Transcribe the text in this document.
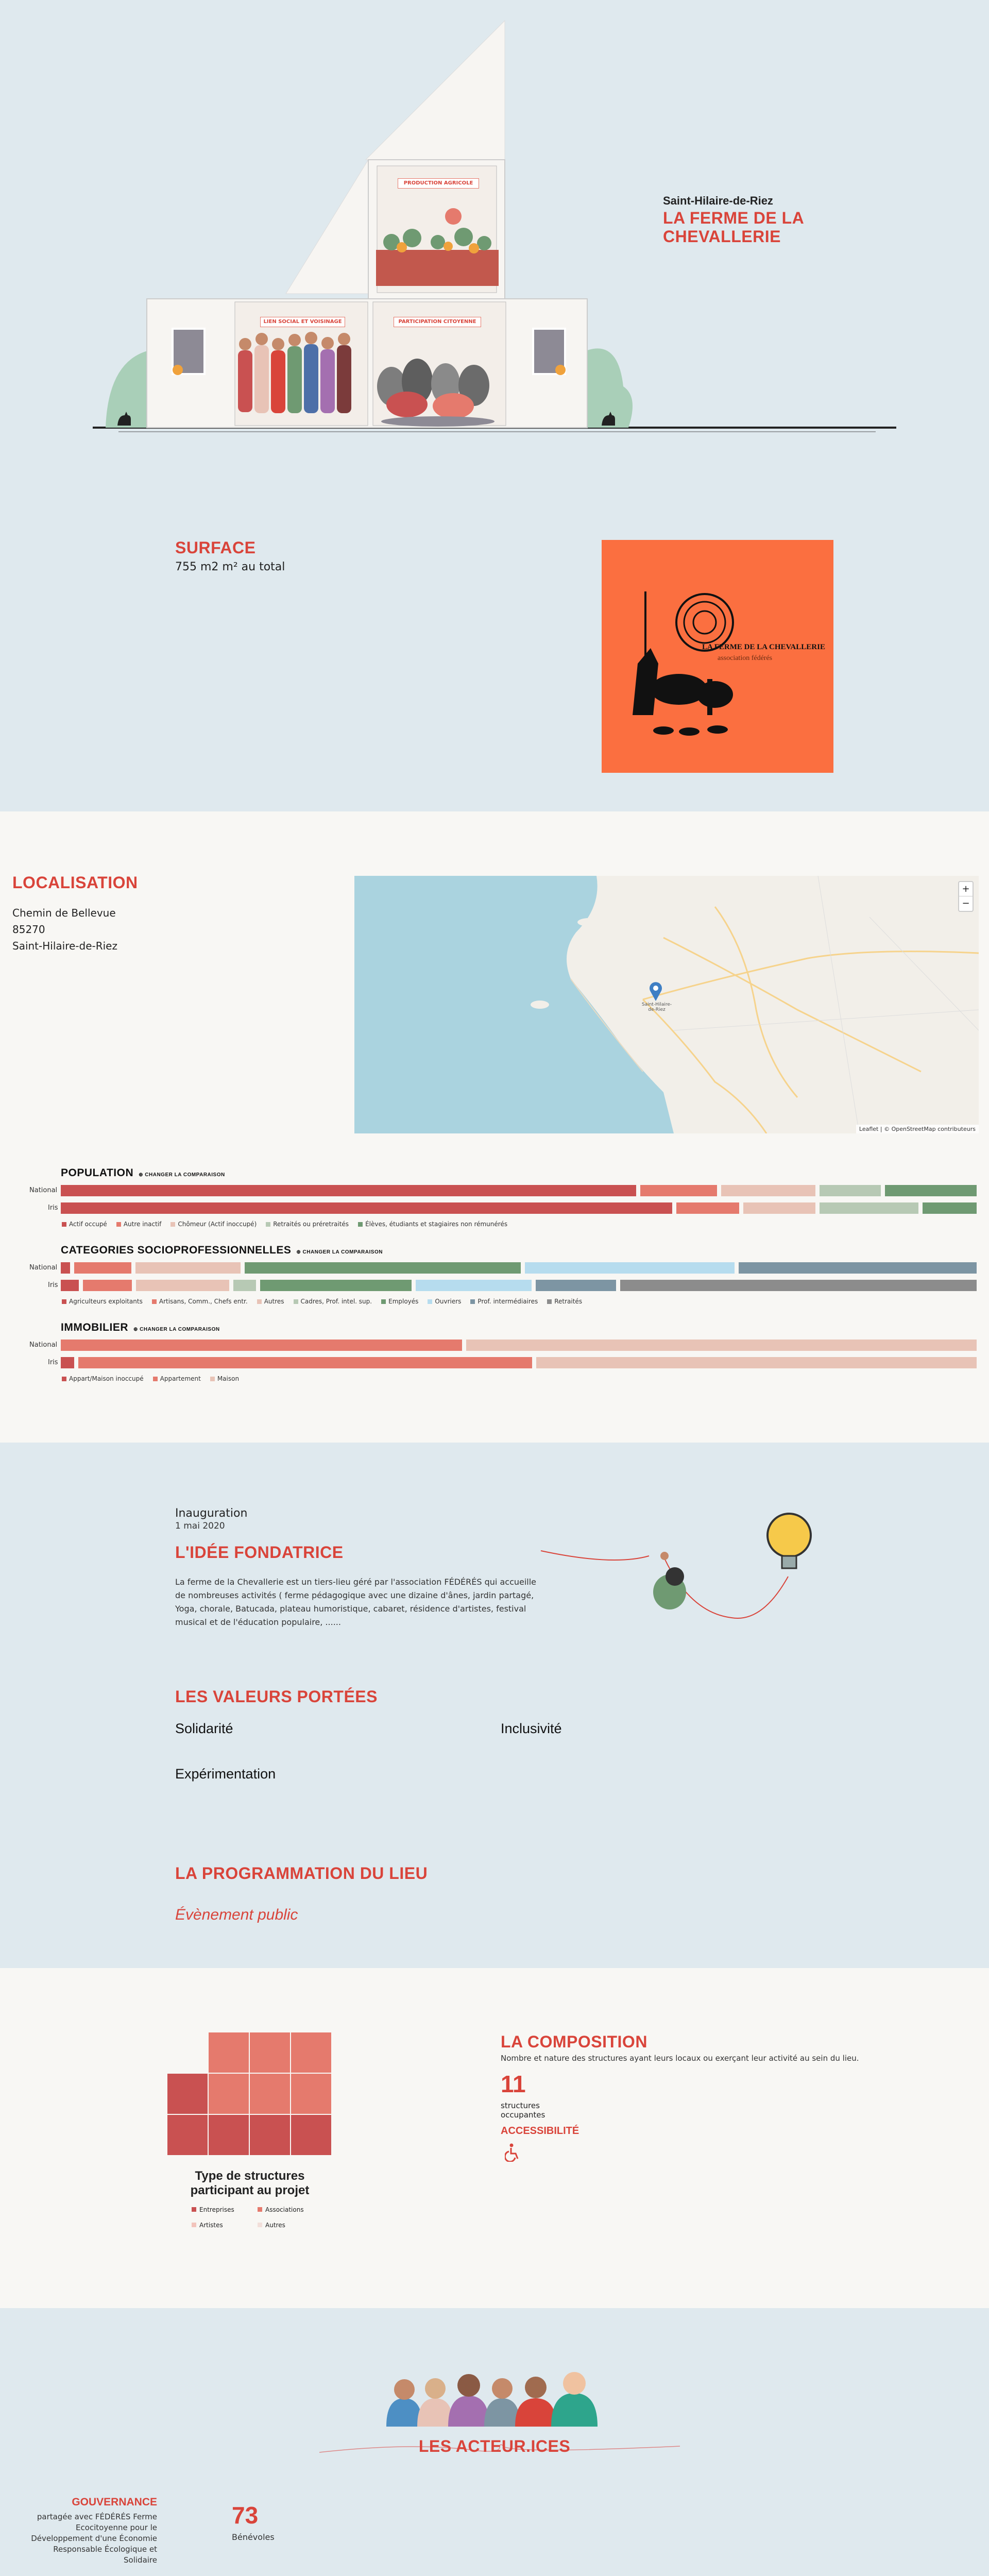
PRODUCTION AGRICOLE
LIEN SOCIAL ET VOISINAGE	PARTICIPATION CITOYENNE
Saint-Hilaire-de-Riez
LA FERME DE LA
CHEVALLERIE
SURFACE
755 m2 m² au total
LA FERME DE LA CHEVALLERIE
association fédérés
LOCALISATION
Chemin de Bellevue
85270
Saint-Hilaire-de-Riez
Saint-Hilaire-de-Riez
+
−
Leaflet | © OpenStreetMap contributeurs
POPULATION ⊕ CHANGER LA COMPARAISON
National
Iris
Actif occupé	Autre inactif	Chômeur (Actif inoccupé)	Retraités ou préretraités	Élèves, étudiants et stagiaires non rémunérés
CATEGORIES SOCIOPROFESSIONNELLES ⊕ CHANGER LA COMPARAISON
National
Iris
Agriculteurs exploitants	Artisans, Comm., Chefs entr.	Autres	Cadres, Prof. intel. sup.	Employés	Ouvriers	Prof. intermédiaires	Retraités
IMMOBILIER ⊕ CHANGER LA COMPARAISON
National
Iris
Appart/Maison inoccupé	Appartement	Maison
Inauguration
1 mai 2020
L'IDÉE FONDATRICE
La ferme de la Chevallerie est un tiers-lieu géré par l'association FÉDÉRÉS qui accueille de nombreuses activités ( ferme pédagogique avec une dizaine d'ânes, jardin partagé, Yoga, chorale, Batucada, plateau humoristique, cabaret, résidence d'artistes, festival musical et de l'éducation populaire, ......
LES VALEURS PORTÉES
Solidarité	Inclusivité
Expérimentation
LA PROGRAMMATION DU LIEU
Évènement public
Type de structures
participant au projet
Entreprises	Associations
Artistes	Autres
LA COMPOSITION
Nombre et nature des structures ayant leurs locaux ou exerçant leur activité au sein du lieu.
11
structures
occupantes
ACCESSIBILITÉ
LES ACTEUR.ICES
GOUVERNANCE
partagée avec FÉDÉRÉS Ferme
Ecocitoyenne pour le
Développement d'une Économie
Responsable Écologique et
Solidaire
73
Bénévoles
